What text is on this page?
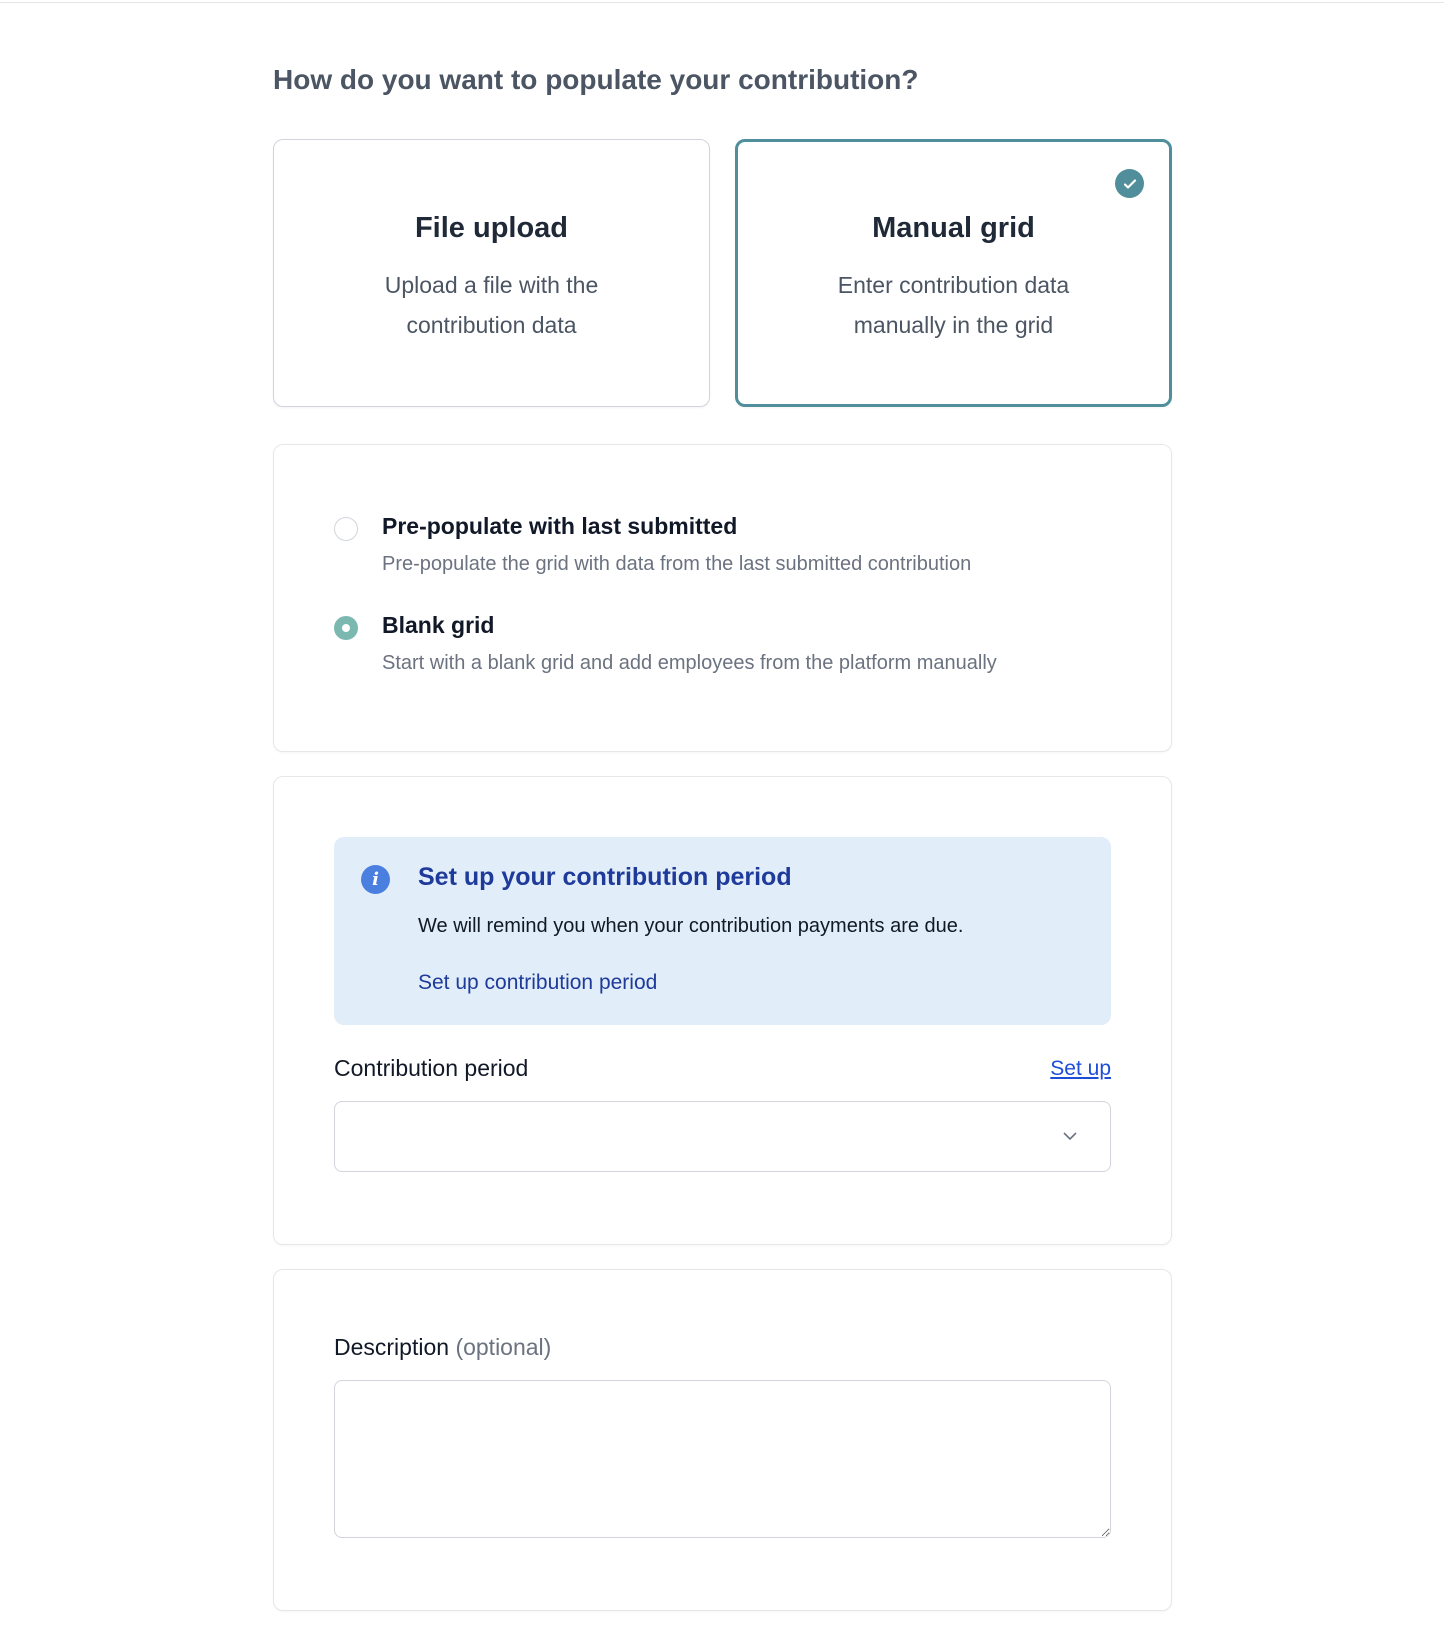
How do you want to populate your contribution?
File upload
Upload a file with the contribution data
Manual grid
Enter contribution data manually in the grid
Pre-populate with last submitted
Pre-populate the grid with data from the last submitted contribution
Blank grid
Start with a blank grid and add employees from the platform manually
i	Set up your contribution period
We will remind you when your contribution payments are due.
Set up contribution period
Contribution period	Set up
Description (optional)
